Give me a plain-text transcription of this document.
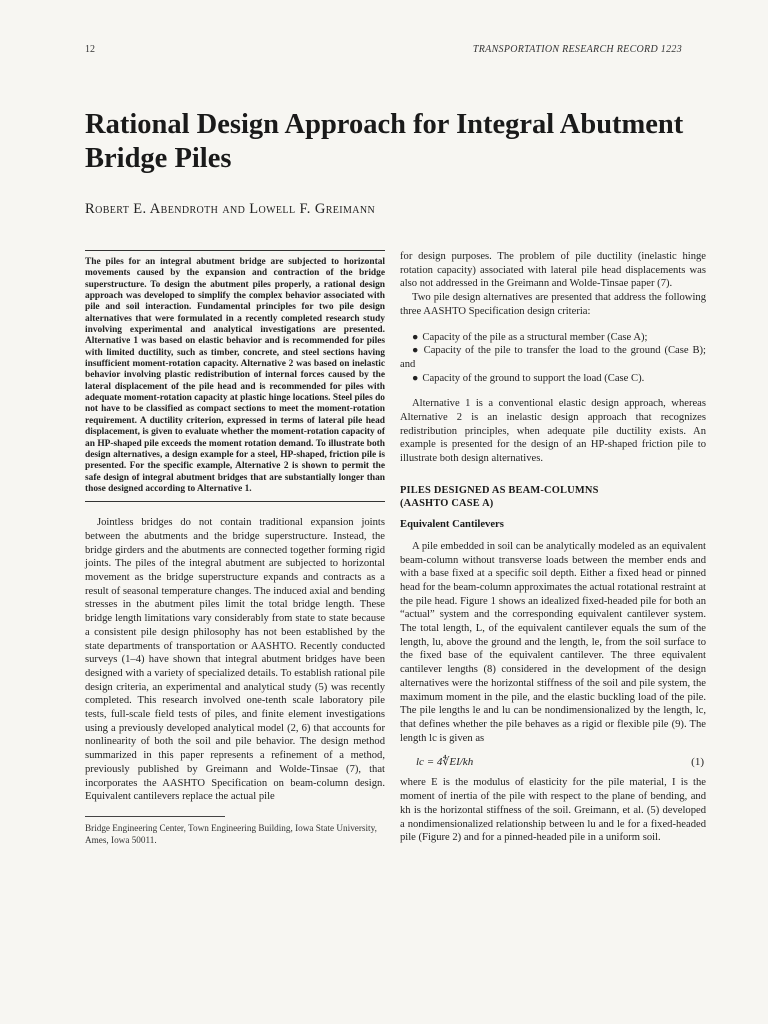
12	TRANSPORTATION RESEARCH RECORD 1223
Rational Design Approach for Integral Abutment Bridge Piles
Robert E. Abendroth and Lowell F. Greimann

The piles for an integral abutment bridge are subjected to horizontal movements caused by the expansion and contraction of the bridge superstructure. To design the abutment piles properly, a rational design approach was developed to simplify the complex behavior associated with pile and soil interaction. Fundamental principles for two pile design alternatives that were formulated in a recently completed research study involving experimental and analytical investigations are presented. Alternative 1 was based on elastic behavior and is recommended for piles with limited ductility, such as timber, concrete, and steel sections having insufficient moment-rotation capacity. Alternative 2 was based on inelastic behavior involving plastic redistribution of internal forces caused by the lateral displacement of the pile head and is recommended for piles with adequate moment-rotation capacity at plastic hinge locations. Steel piles do not have to be classified as compact sections to meet the moment-rotation requirement. A ductility criterion, expressed in terms of lateral pile head displacement, is given to evaluate whether the moment-rotation capacity of an HP-shaped pile exceeds the moment rotation demand. To illustrate both design alternatives, a design example for a steel, HP-shaped, friction pile is presented. For the specific example, Alternative 2 is shown to permit the safe design of integral abutment bridges that are substantially longer than those designed according to Alternative 1.

Jointless bridges do not contain traditional expansion joints between the abutments and the bridge superstructure. Instead, the bridge girders and the abutments are connected together forming rigid joints. The piles of the integral abutment are subjected to horizontal movement as the bridge superstructure expands and contracts as a result of seasonal temperature changes. The induced axial and bending stresses in the abutment piles limit the total bridge length. These bridge length limitations vary considerably from state to state because a consistent pile design philosophy has not been established by the state departments of transportation or AASHTO. Recently conducted surveys (1–4) have shown that integral abutment bridges have been designed with a variety of specialized details. To establish rational pile design criteria, an experimental and analytical study (5) was recently completed. This research involved one-tenth scale laboratory pile tests, full-scale field tests of piles, and finite element investigations using a previously developed analytical model (2, 6) that accounts for nonlinearity of both the soil and pile behavior. The design method summarized in this paper represents a refinement of a method, previously published by Greimann and Wolde-Tinsae (7), that incorporates the AASHTO Specification on beam-column design. Equivalent cantilevers replace the actual pile

Bridge Engineering Center, Town Engineering Building, Iowa State University, Ames, Iowa 50011.

for design purposes. The problem of pile ductility (inelastic hinge rotation capacity) associated with lateral pile head displacements was also not addressed in the Greimann and Wolde-Tinsae paper (7).

Two pile design alternatives are presented that address the following three AASHTO Specification design criteria:

● Capacity of the pile as a structural member (Case A);
● Capacity of the pile to transfer the load to the ground (Case B); and
● Capacity of the ground to support the load (Case C).

Alternative 1 is a conventional elastic design approach, whereas Alternative 2 is an inelastic design approach that recognizes redistribution principles, when adequate pile ductility exists. An example is presented for the design of an HP-shaped friction pile to illustrate both design alternatives.

PILES DESIGNED AS BEAM-COLUMNS
(AASHTO CASE A)
Equivalent Cantilevers

A pile embedded in soil can be analytically modeled as an equivalent beam-column without transverse loads between the member ends and with a base fixed at a specific soil depth. Either a fixed head or pinned head for the beam-column approximates the actual rotational restraint at the pile head. Figure 1 shows an idealized fixed-headed pile for both an “actual” system and the corresponding equivalent cantilever system. The total length, L, of the equivalent cantilever equals the sum of the length, lu, above the ground and the length, le, from the soil surface to the fixed base of the equivalent cantilever. The three equivalent cantilever lengths (8) considered in the development of the design alternatives were the horizontal stiffness of the soil and pile system, the maximum moment in the pile, and the elastic buckling load of the pile. The pile lengths le and lu can be nondimensionalized by the length, lc, that defines whether the pile behaves as a rigid or flexible pile (9). The length lc is given as

lc = 4∜EI/kh	(1)

where E is the modulus of elasticity for the pile material, I is the moment of inertia of the pile with respect to the plane of bending, and kh is the horizontal stiffness of the soil. Greimann, et al. (5) developed a nondimensionalized relationship between lu and le for a fixed-headed pile (Figure 2) and for a pinned-headed pile in a uniform soil.
